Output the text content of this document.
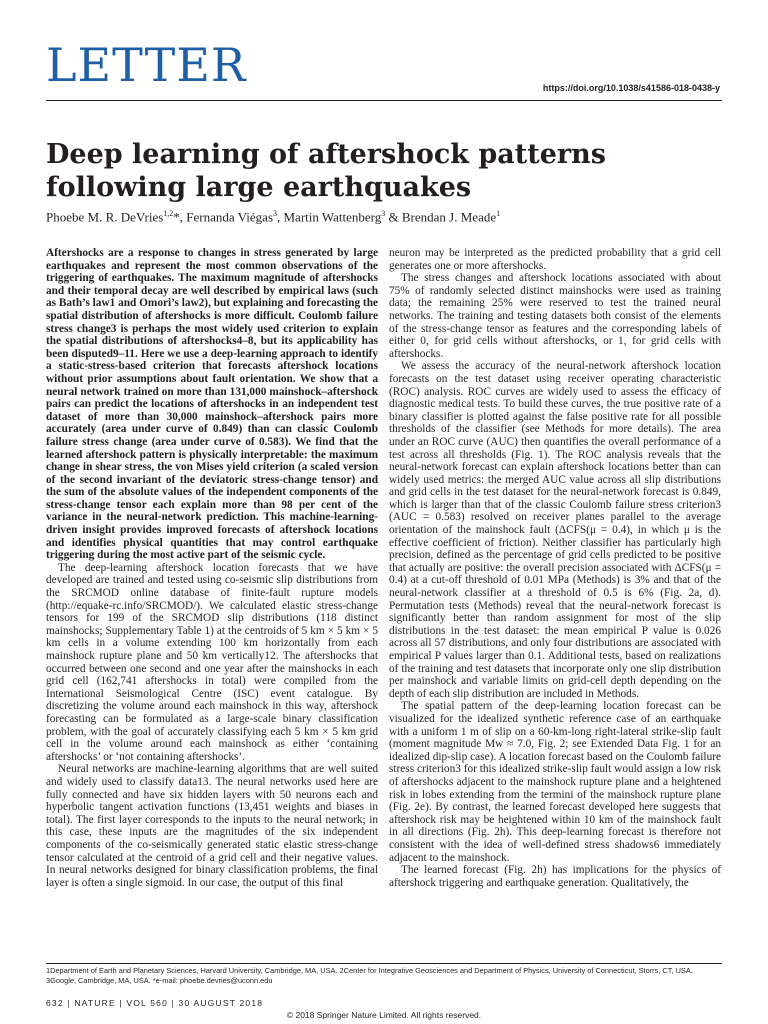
LETTER	https://doi.org/10.1038/s41586-018-0438-y
Deep learning of aftershock patterns following large earthquakes
Phoebe M. R. DeVries$^{1,2}$*, Fernanda Viégas$^3$, Martin Wattenberg$^3$ & Brendan J. Meade$^1$

Aftershocks are a response to changes in stress generated by large earthquakes and represent the most common observations of the triggering of earthquakes. The maximum magnitude of aftershocks and their temporal decay are well described by empirical laws (such as Bath’s law1 and Omori’s law2), but explaining and forecasting the spatial distribution of aftershocks is more difficult. Coulomb failure stress change3 is perhaps the most widely used criterion to explain the spatial distributions of aftershocks4–8, but its applicability has been disputed9–11. Here we use a deep-learning approach to identify a static-stress-based criterion that forecasts aftershock locations without prior assumptions about fault orientation. We show that a neural network trained on more than 131,000 mainshock–aftershock pairs can predict the locations of aftershocks in an independent test dataset of more than 30,000 mainshock–aftershock pairs more accurately (area under curve of 0.849) than can classic Coulomb failure stress change (area under curve of 0.583). We find that the learned aftershock pattern is physically interpretable: the maximum change in shear stress, the von Mises yield criterion (a scaled version of the second invariant of the deviatoric stress-change tensor) and the sum of the absolute values of the independent components of the stress-change tensor each explain more than 98 per cent of the variance in the neural-network prediction. This machine-learning-driven insight provides improved forecasts of aftershock locations and identifies physical quantities that may control earthquake triggering during the most active part of the seismic cycle.

The deep-learning aftershock location forecasts that we have developed are trained and tested using co-seismic slip distributions from the SRCMOD online database of finite-fault rupture models (http://equake-rc.info/SRCMOD/). We calculated elastic stress-change tensors for 199 of the SRCMOD slip distributions (118 distinct mainshocks; Supplementary Table 1) at the centroids of 5 km × 5 km × 5 km cells in a volume extending 100 km horizontally from each mainshock rupture plane and 50 km vertically12. The aftershocks that occurred between one second and one year after the mainshocks in each grid cell (162,741 aftershocks in total) were compiled from the International Seismological Centre (ISC) event catalogue. By discretizing the volume around each mainshock in this way, aftershock forecasting can be formulated as a large-scale binary classification problem, with the goal of accurately classifying each 5 km × 5 km grid cell in the volume around each mainshock as either ‘containing aftershocks’ or ‘not containing aftershocks’.

Neural networks are machine-learning algorithms that are well suited and widely used to classify data13. The neural networks used here are fully connected and have six hidden layers with 50 neurons each and hyperbolic tangent activation functions (13,451 weights and biases in total). The first layer corresponds to the inputs to the neural network; in this case, these inputs are the magnitudes of the six independent components of the co-seismically generated static elastic stress-change tensor calculated at the centroid of a grid cell and their negative values. In neural networks designed for binary classification problems, the final layer is often a single sigmoid. In our case, the output of this final

neuron may be interpreted as the predicted probability that a grid cell generates one or more aftershocks.

The stress changes and aftershock locations associated with about 75% of randomly selected distinct mainshocks were used as training data; the remaining 25% were reserved to test the trained neural networks. The training and testing datasets both consist of the elements of the stress-change tensor as features and the corresponding labels of either 0, for grid cells without aftershocks, or 1, for grid cells with aftershocks.

We assess the accuracy of the neural-network aftershock location forecasts on the test dataset using receiver operating characteristic (ROC) analysis. ROC curves are widely used to assess the efficacy of diagnostic medical tests. To build these curves, the true positive rate of a binary classifier is plotted against the false positive rate for all possible thresholds of the classifier (see Methods for more details). The area under an ROC curve (AUC) then quantifies the overall performance of a test across all thresholds (Fig. 1). The ROC analysis reveals that the neural-network forecast can explain aftershock locations better than can widely used metrics: the merged AUC value across all slip distributions and grid cells in the test dataset for the neural-network forecast is 0.849, which is larger than that of the classic Coulomb failure stress criterion3 (AUC = 0.583) resolved on receiver planes parallel to the average orientation of the mainshock fault (ΔCFS(μ = 0.4), in which μ is the effective coefficient of friction). Neither classifier has particularly high precision, defined as the percentage of grid cells predicted to be positive that actually are positive: the overall precision associated with ΔCFS(μ = 0.4) at a cut-off threshold of 0.01 MPa (Methods) is 3% and that of the neural-network classifier at a threshold of 0.5 is 6% (Fig. 2a, d). Permutation tests (Methods) reveal that the neural-network forecast is significantly better than random assignment for most of the slip distributions in the test dataset: the mean empirical P value is 0.026 across all 57 distributions, and only four distributions are associated with empirical P values larger than 0.1. Additional tests, based on realizations of the training and test datasets that incorporate only one slip distribution per mainshock and variable limits on grid-cell depth depending on the depth of each slip distribution are included in Methods.

The spatial pattern of the deep-learning location forecast can be visualized for the idealized synthetic reference case of an earthquake with a uniform 1 m of slip on a 60-km-long right-lateral strike-slip fault (moment magnitude Mw ≈ 7.0, Fig. 2; see Extended Data Fig. 1 for an idealized dip-slip case). A location forecast based on the Coulomb failure stress criterion3 for this idealized strike-slip fault would assign a low risk of aftershocks adjacent to the mainshock rupture plane and a heightened risk in lobes extending from the termini of the mainshock rupture plane (Fig. 2e). By contrast, the learned forecast developed here suggests that aftershock risk may be heightened within 10 km of the mainshock fault in all directions (Fig. 2h). This deep-learning forecast is therefore not consistent with the idea of well-defined stress shadows6 immediately adjacent to the mainshock.

The learned forecast (Fig. 2h) has implications for the physics of aftershock triggering and earthquake generation. Qualitatively, the

1Department of Earth and Planetary Sciences, Harvard University, Cambridge, MA, USA. 2Center for Integrative Geosciences and Department of Physics, University of Connecticut, Storrs, CT, USA.
3Google, Cambridge, MA, USA. *e-mail: phoebe.devries@uconn.edu
632 | NATURE | VOL 560 | 30 AUGUST 2018
© 2018 Springer Nature Limited. All rights reserved.
